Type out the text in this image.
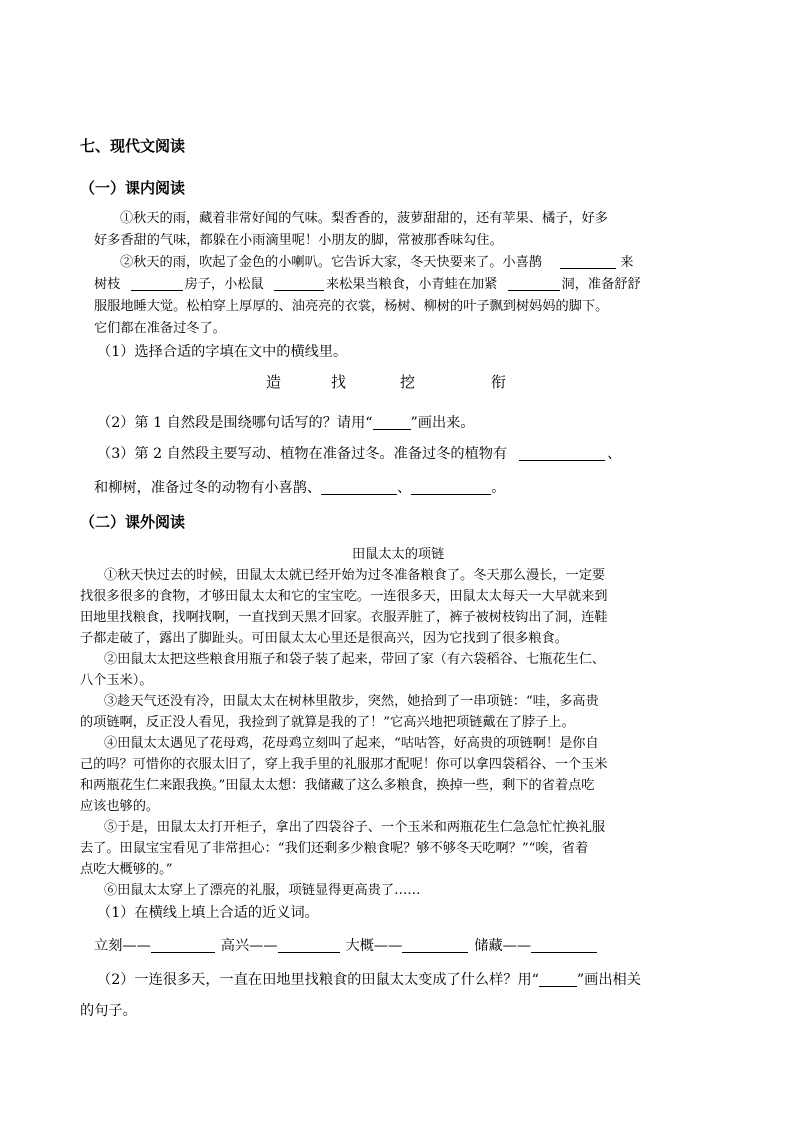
七、现代文阅读
（一）课内阅读
①秋天的雨，藏着非常好闻的气味。梨香香的，菠萝甜甜的，还有苹果、橘子，好多
好多香甜的气味，都躲在小雨滴里呢！小朋友的脚，常被那香味勾住。
②秋天的雨，吹起了金色的小喇叭。它告诉大家，冬天快要来了。小喜鹊	来
树枝	房子，小松鼠	来松果当粮食，小青蛙在加紧	洞，准备舒舒
服服地睡大觉。松柏穿上厚厚的、油亮亮的衣裳，杨树、柳树的叶子飘到树妈妈的脚下。
它们都在准备过冬了。
（1）选择合适的字填在文中的横线里。
造	找	挖	衔
（2）第 1 自然段是围绕哪句话写的？请用“	”画出来。
（3）第 2 自然段主要写动、植物在准备过冬。准备过冬的植物有	、
和柳树，准备过冬的动物有小喜鹊、	、	。
（二）课外阅读
田鼠太太的项链
①秋天快过去的时候，田鼠太太就已经开始为过冬准备粮食了。冬天那么漫长，一定要
找很多很多的食物，才够田鼠太太和它的宝宝吃。一连很多天，田鼠太太每天一大早就来到
田地里找粮食，找啊找啊，一直找到天黑才回家。衣服弄脏了，裤子被树枝钩出了洞，连鞋
子都走破了，露出了脚趾头。可田鼠太太心里还是很高兴，因为它找到了很多粮食。
②田鼠太太把这些粮食用瓶子和袋子装了起来，带回了家（有六袋稻谷、七瓶花生仁、
八个玉米）。
③趁天气还没有冷，田鼠太太在树林里散步，突然，她拾到了一串项链：“哇，多高贵
的项链啊，反正没人看见，我捡到了就算是我的了！”它高兴地把项链戴在了脖子上。
④田鼠太太遇见了花母鸡，花母鸡立刻叫了起来，“咕咕答，好高贵的项链啊！是你自
己的吗？可惜你的衣服太旧了，穿上我手里的礼服那才配呢！你可以拿四袋稻谷、一个玉米
和两瓶花生仁来跟我换。”田鼠太太想：我储藏了这么多粮食，换掉一些，剩下的省着点吃
应该也够的。
⑤于是，田鼠太太打开柜子，拿出了四袋谷子、一个玉米和两瓶花生仁急急忙忙换礼服
去了。田鼠宝宝看见了非常担心：“我们还剩多少粮食呢？够不够冬天吃啊？”“唉，省着
点吃大概够的。”
⑥田鼠太太穿上了漂亮的礼服，项链显得更高贵了……
（1）在横线上填上合适的近义词。
立刻——	高兴——	大概——	储藏——
（2）一连很多天，一直在田地里找粮食的田鼠太太变成了什么样？用“	”画出相关
的句子。
